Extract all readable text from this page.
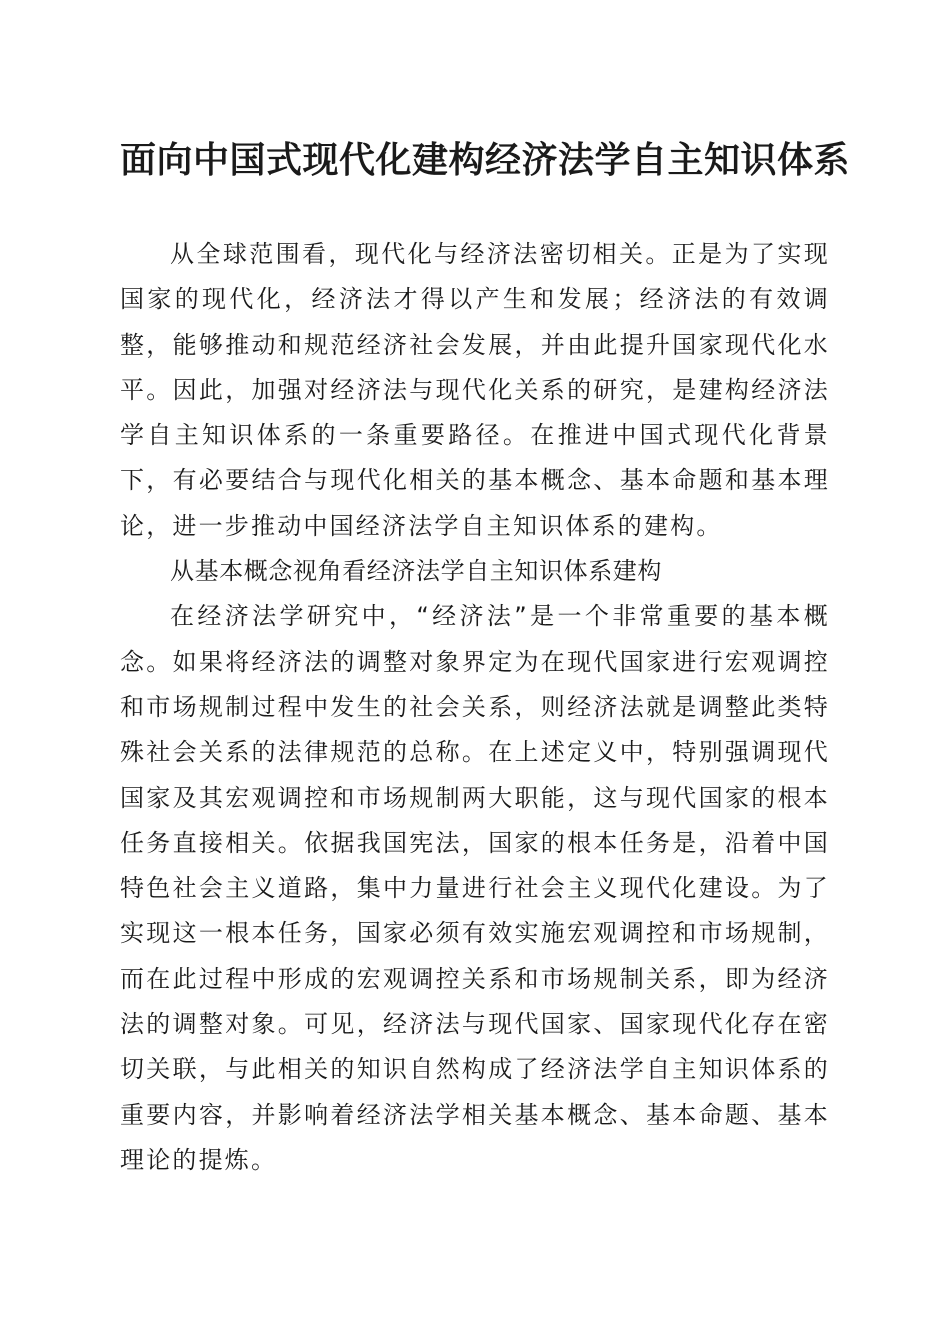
面向中国式现代化建构经济法学自主知识体系

从全球范围看，现代化与经济法密切相关。正是为了实现国家的现代化，经济法才得以产生和发展；经济法的有效调整，能够推动和规范经济社会发展，并由此提升国家现代化水平。因此，加强对经济法与现代化关系的研究，是建构经济法学自主知识体系的一条重要路径。在推进中国式现代化背景下，有必要结合与现代化相关的基本概念、基本命题和基本理论，进一步推动中国经济法学自主知识体系的建构。

从基本概念视角看经济法学自主知识体系建构

在经济法学研究中，“经济法”是一个非常重要的基本概念。如果将经济法的调整对象界定为在现代国家进行宏观调控和市场规制过程中发生的社会关系，则经济法就是调整此类特殊社会关系的法律规范的总称。在上述定义中，特别强调现代国家及其宏观调控和市场规制两大职能，这与现代国家的根本任务直接相关。依据我国宪法，国家的根本任务是，沿着中国特色社会主义道路，集中力量进行社会主义现代化建设。为了实现这一根本任务，国家必须有效实施宏观调控和市场规制，而在此过程中形成的宏观调控关系和市场规制关系，即为经济法的调整对象。可见，经济法与现代国家、国家现代化存在密切关联，与此相关的知识自然构成了经济法学自主知识体系的重要内容，并影响着经济法学相关基本概念、基本命题、基本理论的提炼。
